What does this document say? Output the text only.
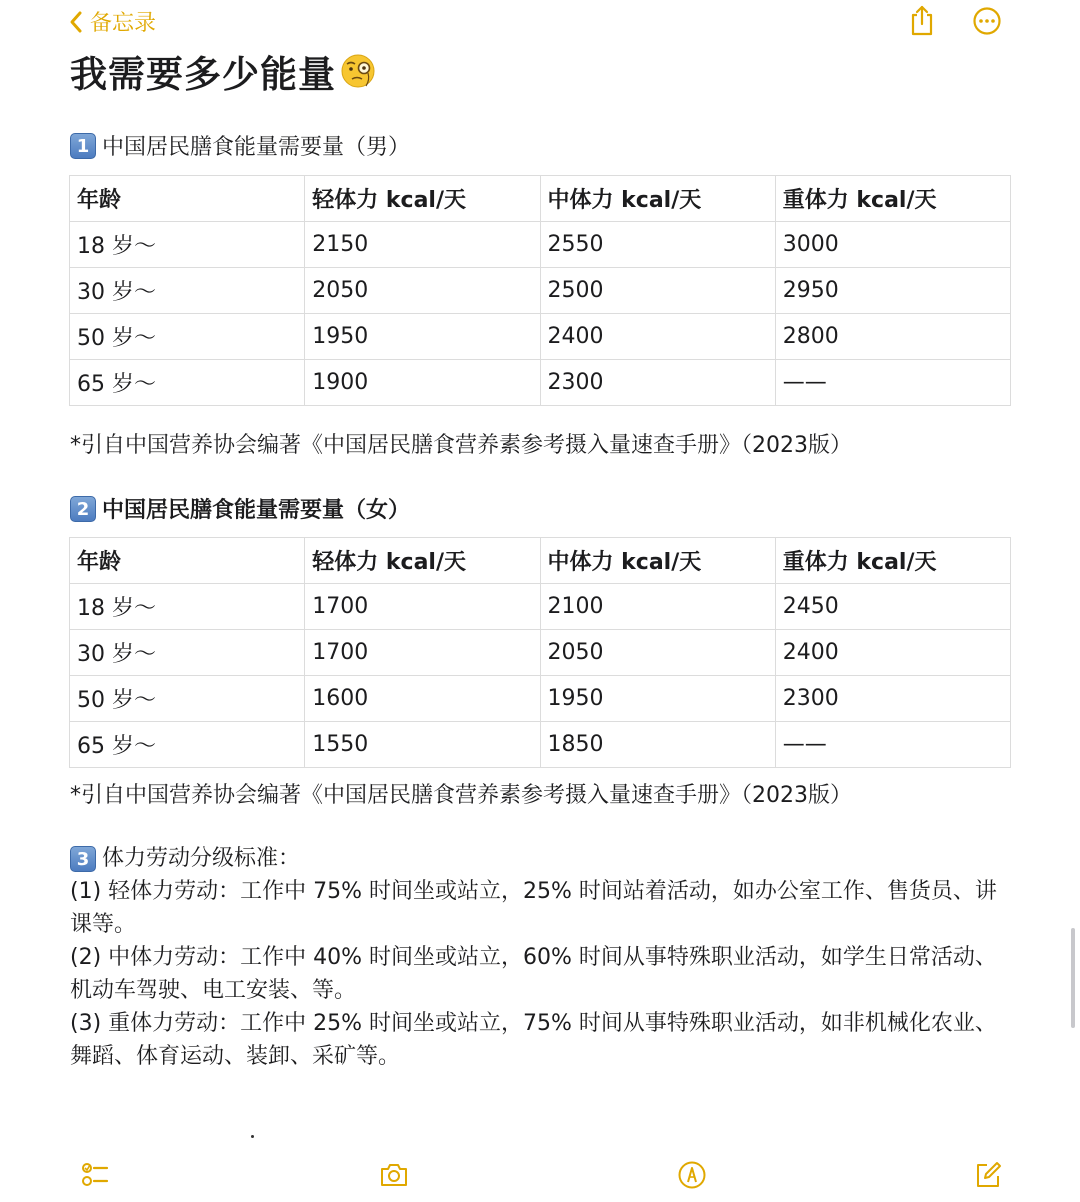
备忘录
我需要多少能量
1 中国居民膳食能量需要量（男）
年龄	轻体力 kcal/天	中体力 kcal/天	重体力 kcal/天
18 岁～	2150	2550	3000
30 岁～	2050	2500	2950
50 岁～	1950	2400	2800
65 岁～	1900	2300	——
*引自中国营养协会编著《中国居民膳食营养素参考摄入量速查手册》（2023版）
2 中国居民膳食能量需要量（女）
年龄	轻体力 kcal/天	中体力 kcal/天	重体力 kcal/天
18 岁～	1700	2100	2450
30 岁～	1700	2050	2400
50 岁～	1600	1950	2300
65 岁～	1550	1850	——
*引自中国营养协会编著《中国居民膳食营养素参考摄入量速查手册》（2023版）

3 体力劳动分级标准：

(1) 轻体力劳动：工作中 75% 时间坐或站立，25% 时间站着活动，如办公室工作、售货员、讲课等。

(2) 中体力劳动：工作中 40% 时间坐或站立，60% 时间从事特殊职业活动，如学生日常活动、机动车驾驶、电工安装、等。

(3) 重体力劳动：工作中 25% 时间坐或站立，75% 时间从事特殊职业活动，如非机械化农业、舞蹈、体育运动、装卸、采矿等。
